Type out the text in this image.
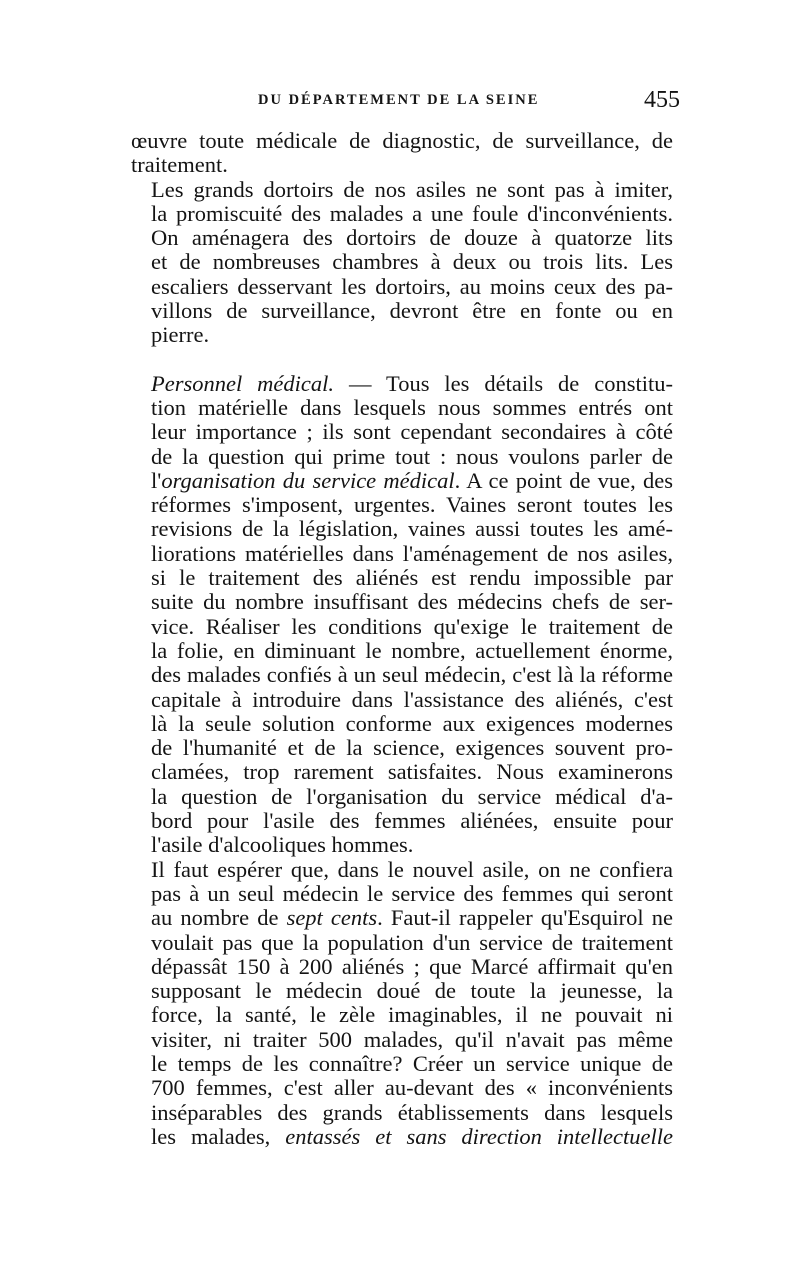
DU DÉPARTEMENT DE LA SEINE	455

œuvre toute médicale de diagnostic, de surveillance, de
traitement.

Les grands dortoirs de nos asiles ne sont pas à imiter,
la promiscuité des malades a une foule d'inconvénients.
On aménagera des dortoirs de douze à quatorze lits
et de nombreuses chambres à deux ou trois lits. Les
escaliers desservant les dortoirs, au moins ceux des pa-
villons de surveillance, devront être en fonte ou en
pierre.

Personnel médical. — Tous les détails de constitu-
tion matérielle dans lesquels nous sommes entrés ont
leur importance ; ils sont cependant secondaires à côté
de la question qui prime tout : nous voulons parler de
l'organisation du service médical. A ce point de vue, des
réformes s'imposent, urgentes. Vaines seront toutes les
revisions de la législation, vaines aussi toutes les amé-
liorations matérielles dans l'aménagement de nos asiles,
si le traitement des aliénés est rendu impossible par
suite du nombre insuffisant des médecins chefs de ser-
vice. Réaliser les conditions qu'exige le traitement de
la folie, en diminuant le nombre, actuellement énorme,
des malades confiés à un seul médecin, c'est là la réforme
capitale à introduire dans l'assistance des aliénés, c'est
là la seule solution conforme aux exigences modernes
de l'humanité et de la science, exigences souvent pro-
clamées, trop rarement satisfaites. Nous examinerons
la question de l'organisation du service médical d'a-
bord pour l'asile des femmes aliénées, ensuite pour
l'asile d'alcooliques hommes.

Il faut espérer que, dans le nouvel asile, on ne confiera
pas à un seul médecin le service des femmes qui seront
au nombre de sept cents. Faut-il rappeler qu'Esquirol ne
voulait pas que la population d'un service de traitement
dépassât 150 à 200 aliénés ; que Marcé affirmait qu'en
supposant le médecin doué de toute la jeunesse, la
force, la santé, le zèle imaginables, il ne pouvait ni
visiter, ni traiter 500 malades, qu'il n'avait pas même
le temps de les connaître? Créer un service unique de
700 femmes, c'est aller au-devant des « inconvénients
inséparables des grands établissements dans lesquels
les malades, entassés et sans direction intellectuelle
